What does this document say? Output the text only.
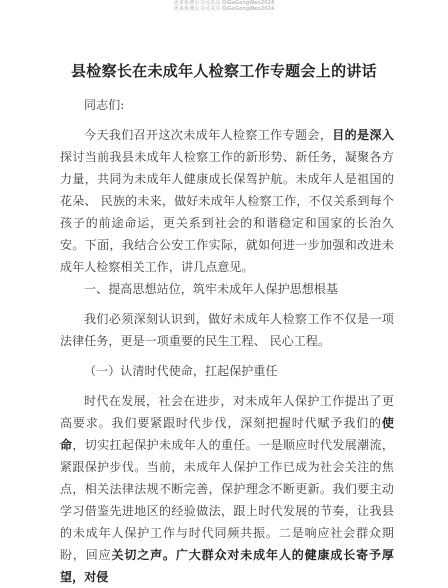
更多免费公文可关注 QiGeGongWen2024
更多免费公文可关注 QiGeGongWen2024
县检察长在未成年人检察工作专题会上的讲话

同志们:

今天我们召开这次未成年人检察工作专题会，目的是深入探讨当前我县未成年人检察工作的新形势、新任务，凝聚各方力量，共同为未成年人健康成长保驾护航。未成年人是祖国的花朵、 民族的未来，做好未成年人检察工作，不仅关系到每个孩子的前途命运，更关系到社会的和谐稳定和国家的长治久安。下面，我结合公安工作实际，就如何进一步加强和改进未成年人检察相关工作，讲几点意见。

一、提高思想站位，筑牢未成年人保护思想根基

我们必须深刻认识到，做好未成年人检察工作不仅是一项法律任务，更是一项重要的民生工程、 民心工程。

（一）认清时代使命，扛起保护重任

时代在发展，社会在进步，对未成年人保护工作提出了更高要求。我们要紧跟时代步伐，深刻把握时代赋予我们的使命，切实扛起保护未成年人的重任。一是顺应时代发展潮流，紧跟保护步伐。当前，未成年人保护工作已成为社会关注的焦点，相关法律法规不断完善，保护理念不断更新。我们要主动学习借鉴先进地区的经验做法，跟上时代发展的节奏，让我县的未成年人保护工作与时代同频共振。二是响应社会群众期盼，回应关切之声。广大群众对未成年人的健康成长寄予厚望，对侵
